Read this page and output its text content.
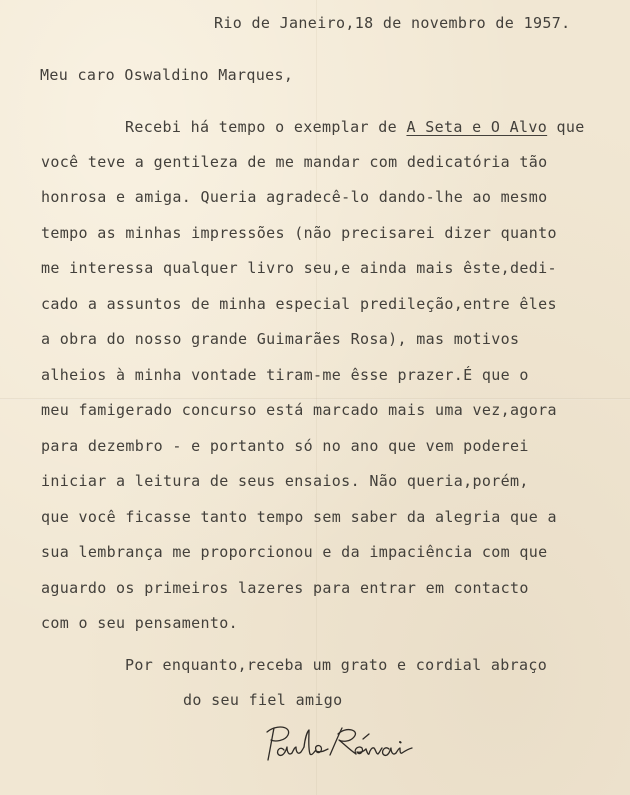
Rio de Janeiro,18 de novembro de 1957.
Meu caro Oswaldino Marques,
Recebi há tempo o exemplar de A Seta e O Alvo que
você teve a gentileza de me mandar com dedicatória tão
honrosa e amiga. Queria agradecê-lo dando-lhe ao mesmo
tempo as minhas impressões (não precisarei dizer quanto
me interessa qualquer livro seu,e ainda mais êste,dedi-
cado a assuntos de minha especial predileção,entre êles
a obra do nosso grande Guimarães Rosa), mas motivos
alheios à minha vontade tiram-me êsse prazer.É que o
meu famigerado concurso está marcado mais uma vez,agora
para dezembro - e portanto só no ano que vem poderei
iniciar a leitura de seus ensaios. Não queria,porém,
que você ficasse tanto tempo sem saber da alegria que a
sua lembrança me proporcionou e da impaciência com que
aguardo os primeiros lazeres para entrar em contacto
com o seu pensamento.
Por enquanto,receba um grato e cordial abraço
do seu fiel amigo
